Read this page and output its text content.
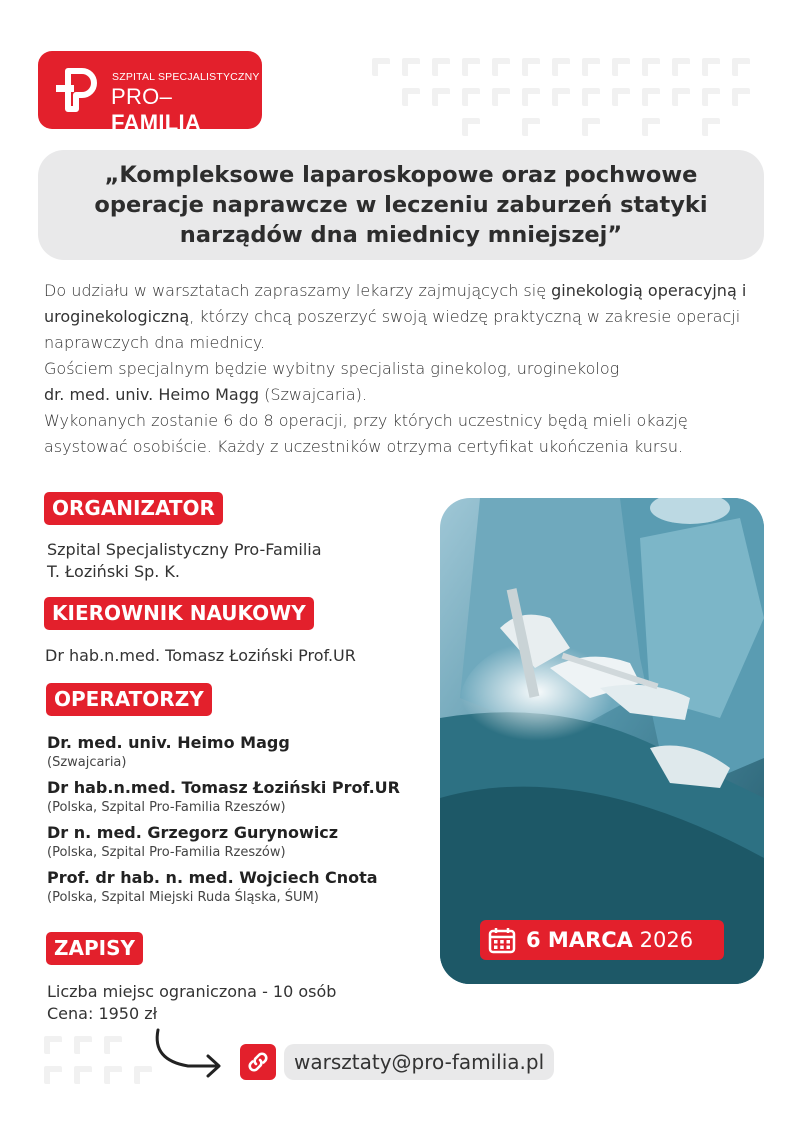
SZPITAL SPECJALISTYCZNY
PRO–FAMILIA
„Kompleksowe laparoskopowe oraz pochwowe operacje naprawcze w leczeniu zaburzeń statyki narządów dna miednicy mniejszej”

Do udziału w warsztatach zapraszamy lekarzy zajmujących się ginekologią operacyjną i uroginekologiczną, którzy chcą poszerzyć swoją wiedzę praktyczną w zakresie operacji naprawczych dna miednicy.

Gościem specjalnym będzie wybitny specjalista ginekolog, uroginekolog

dr. med. univ. Heimo Magg (Szwajcaria).

Wykonanych zostanie 6 do 8 operacji, przy których uczestnicy będą mieli okazję asystować osobiście. Każdy z uczestników otrzyma certyfikat ukończenia kursu.

ORGANIZATOR
Szpital Specjalistyczny Pro-Familia
T. Łoziński Sp. K.
KIEROWNIK NAUKOWY
Dr hab.n.med. Tomasz Łoziński Prof.UR
OPERATORZY
Dr. med. univ. Heimo Magg
(Szwajcaria)
Dr hab.n.med. Tomasz Łoziński Prof.UR
(Polska, Szpital Pro-Familia Rzeszów)
Dr n. med. Grzegorz Gurynowicz
(Polska, Szpital Pro-Familia Rzeszów)
Prof. dr hab. n. med. Wojciech Cnota
(Polska, Szpital Miejski Ruda Śląska, ŚUM)
ZAPISY
Liczba miejsc ograniczona - 10 osób
Cena: 1950 zł
6 MARCA
2026
warsztaty@pro-familia.pl
